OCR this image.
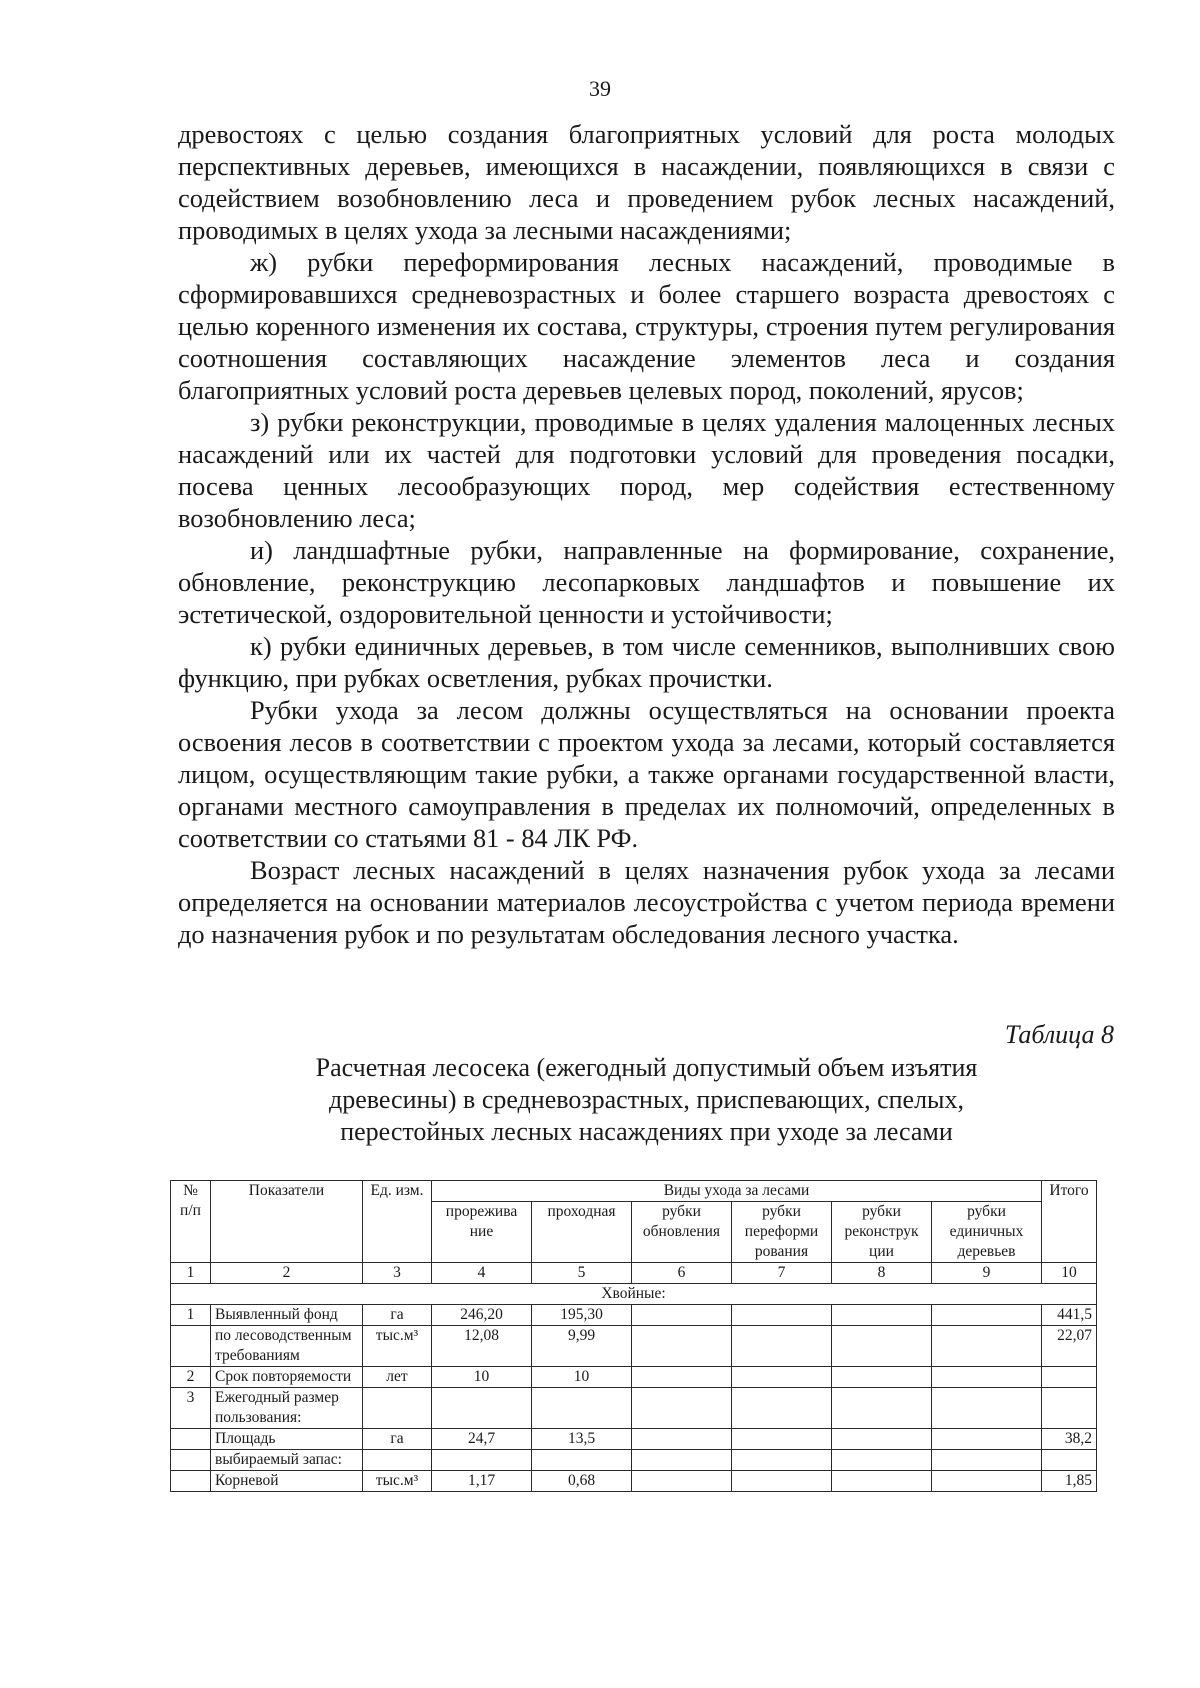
39

древостоях с целью создания благоприятных условий для роста молодых перспективных деревьев, имеющихся в насаждении, появляющихся в связи с содействием возобновлению леса и проведением рубок лесных насаждений, проводимых в целях ухода за лесными насаждениями;

ж) рубки переформирования лесных насаждений, проводимые в сформировавшихся средневозрастных и более старшего возраста древостоях с целью коренного изменения их состава, структуры, строения путем регулирования соотношения составляющих насаждение элементов леса и создания благоприятных условий роста деревьев целевых пород, поколений, ярусов;

з) рубки реконструкции, проводимые в целях удаления малоценных лесных насаждений или их частей для подготовки условий для проведения посадки, посева ценных лесообразующих пород, мер содействия естественному возобновлению леса;

и) ландшафтные рубки, направленные на формирование, сохранение, обновление, реконструкцию лесопарковых ландшафтов и повышение их эстетической, оздоровительной ценности и устойчивости;

к) рубки единичных деревьев, в том числе семенников, выполнивших свою функцию, при рубках осветления, рубках прочистки.

Рубки ухода за лесом должны осуществляться на основании проекта освоения лесов в соответствии с проектом ухода за лесами, который составляется лицом, осуществляющим такие рубки, а также органами государственной власти, органами местного самоуправления в пределах их полномочий, определенных в соответствии со статьями 81 - 84 ЛК РФ.

Возраст лесных насаждений в целях назначения рубок ухода за лесами определяется на основании материалов лесоустройства с учетом периода времени до назначения рубок и по результатам обследования лесного участка.

Таблица 8
Расчетная лесосека (ежегодный допустимый объем изъятия
древесины) в средневозрастных, приспевающих, спелых,
перестойных лесных насаждениях при уходе за лесами
№ п/п	Показатели	Ед. изм.	Виды ухода за лесами						Итого
			прорежива ние	проходная	рубки обновления	рубки переформи рования	рубки реконструк ции	рубки единичных деревьев	
1	2	3	4	5	6	7	8	9	10
Хвойные:									
1	Выявленный фонд	га	246,20	195,30					441,5
	по лесоводственным требованиям	тыс.м³	12,08	9,99					22,07
2	Срок повторяемости	лет	10	10					
3	Ежегодный размер пользования:								
	Площадь	га	24,7	13,5					38,2
	выбираемый запас:								
	Корневой	тыс.м³	1,17	0,68					1,85
